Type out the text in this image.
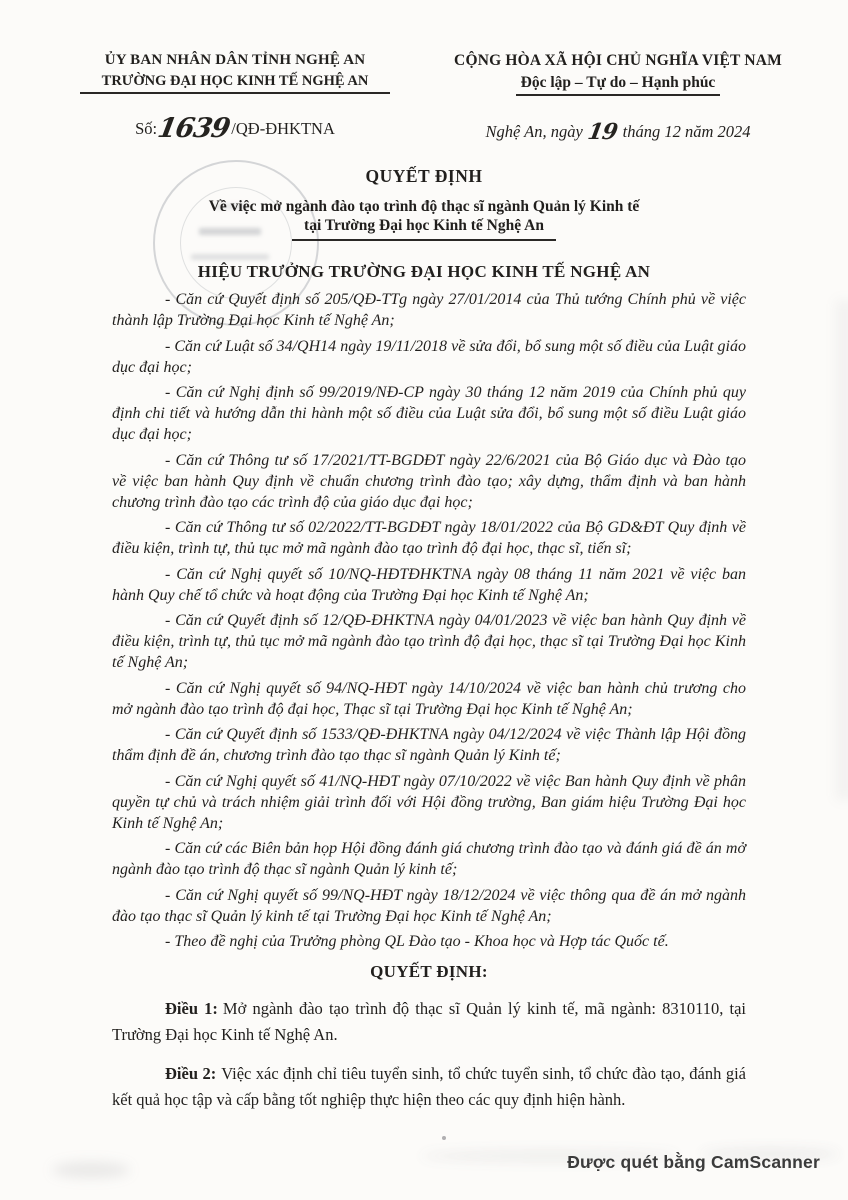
ỦY BAN NHÂN DÂN TỈNH NGHỆ AN
TRƯỜNG ĐẠI HỌC KINH TẾ NGHỆ AN
Số:1639/QĐ-ĐHKTNA
CỘNG HÒA XÃ HỘI CHỦ NGHĨA VIỆT NAM
Độc lập – Tự do – Hạnh phúc
Nghệ An, ngày 19 tháng 12 năm 2024
QUYẾT ĐỊNH
Về việc mở ngành đào tạo trình độ thạc sĩ ngành Quản lý Kinh tế
tại Trường Đại học Kinh tế Nghệ An
HIỆU TRƯỞNG TRƯỜNG ĐẠI HỌC KINH TẾ NGHỆ AN

- Căn cứ Quyết định số 205/QĐ-TTg ngày 27/01/2014 của Thủ tướng Chính phủ về việc thành lập Trường Đại học Kinh tế Nghệ An;

- Căn cứ Luật số 34/QH14 ngày 19/11/2018 về sửa đổi, bổ sung một số điều của Luật giáo dục đại học;

- Căn cứ Nghị định số 99/2019/NĐ-CP ngày 30 tháng 12 năm 2019 của Chính phủ quy định chi tiết và hướng dẫn thi hành một số điều của Luật sửa đổi, bổ sung một số điều Luật giáo dục đại học;

- Căn cứ Thông tư số 17/2021/TT-BGDĐT ngày 22/6/2021 của Bộ Giáo dục và Đào tạo về việc ban hành Quy định về chuẩn chương trình đào tạo; xây dựng, thẩm định và ban hành chương trình đào tạo các trình độ của giáo dục đại học;

- Căn cứ Thông tư số 02/2022/TT-BGDĐT ngày 18/01/2022 của Bộ GD&ĐT Quy định về điều kiện, trình tự, thủ tục mở mã ngành đào tạo trình độ đại học, thạc sĩ, tiến sĩ;

- Căn cứ Nghị quyết số 10/NQ-HĐTĐHKTNA ngày 08 tháng 11 năm 2021 về việc ban hành Quy chế tổ chức và hoạt động của Trường Đại học Kinh tế Nghệ An;

- Căn cứ Quyết định số 12/QĐ-ĐHKTNA ngày 04/01/2023 về việc ban hành Quy định về điều kiện, trình tự, thủ tục mở mã ngành đào tạo trình độ đại học, thạc sĩ tại Trường Đại học Kinh tế Nghệ An;

- Căn cứ Nghị quyết số 94/NQ-HĐT ngày 14/10/2024 về việc ban hành chủ trương cho mở ngành đào tạo trình độ đại học, Thạc sĩ tại Trường Đại học Kinh tế Nghệ An;

- Căn cứ Quyết định số 1533/QĐ-ĐHKTNA ngày 04/12/2024 về việc Thành lập Hội đồng thẩm định đề án, chương trình đào tạo thạc sĩ ngành Quản lý Kinh tế;

- Căn cứ Nghị quyết số 41/NQ-HĐT ngày 07/10/2022 về việc Ban hành Quy định về phân quyền tự chủ và trách nhiệm giải trình đối với Hội đồng trường, Ban giám hiệu Trường Đại học Kinh tế Nghệ An;

- Căn cứ các Biên bản họp Hội đồng đánh giá chương trình đào tạo và đánh giá đề án mở ngành đào tạo trình độ thạc sĩ ngành Quản lý kinh tế;

- Căn cứ Nghị quyết số 99/NQ-HĐT ngày 18/12/2024 về việc thông qua đề án mở ngành đào tạo thạc sĩ Quản lý kinh tế tại Trường Đại học Kinh tế Nghệ An;

- Theo đề nghị của Trưởng phòng QL Đào tạo - Khoa học và Hợp tác Quốc tế.

QUYẾT ĐỊNH:

Điều 1: Mở ngành đào tạo trình độ thạc sĩ Quản lý kinh tế, mã ngành: 8310110, tại Trường Đại học Kinh tế Nghệ An.

Điều 2: Việc xác định chỉ tiêu tuyển sinh, tổ chức tuyển sinh, tổ chức đào tạo, đánh giá kết quả học tập và cấp bằng tốt nghiệp thực hiện theo các quy định hiện hành.

Được quét bằng CamScanner
